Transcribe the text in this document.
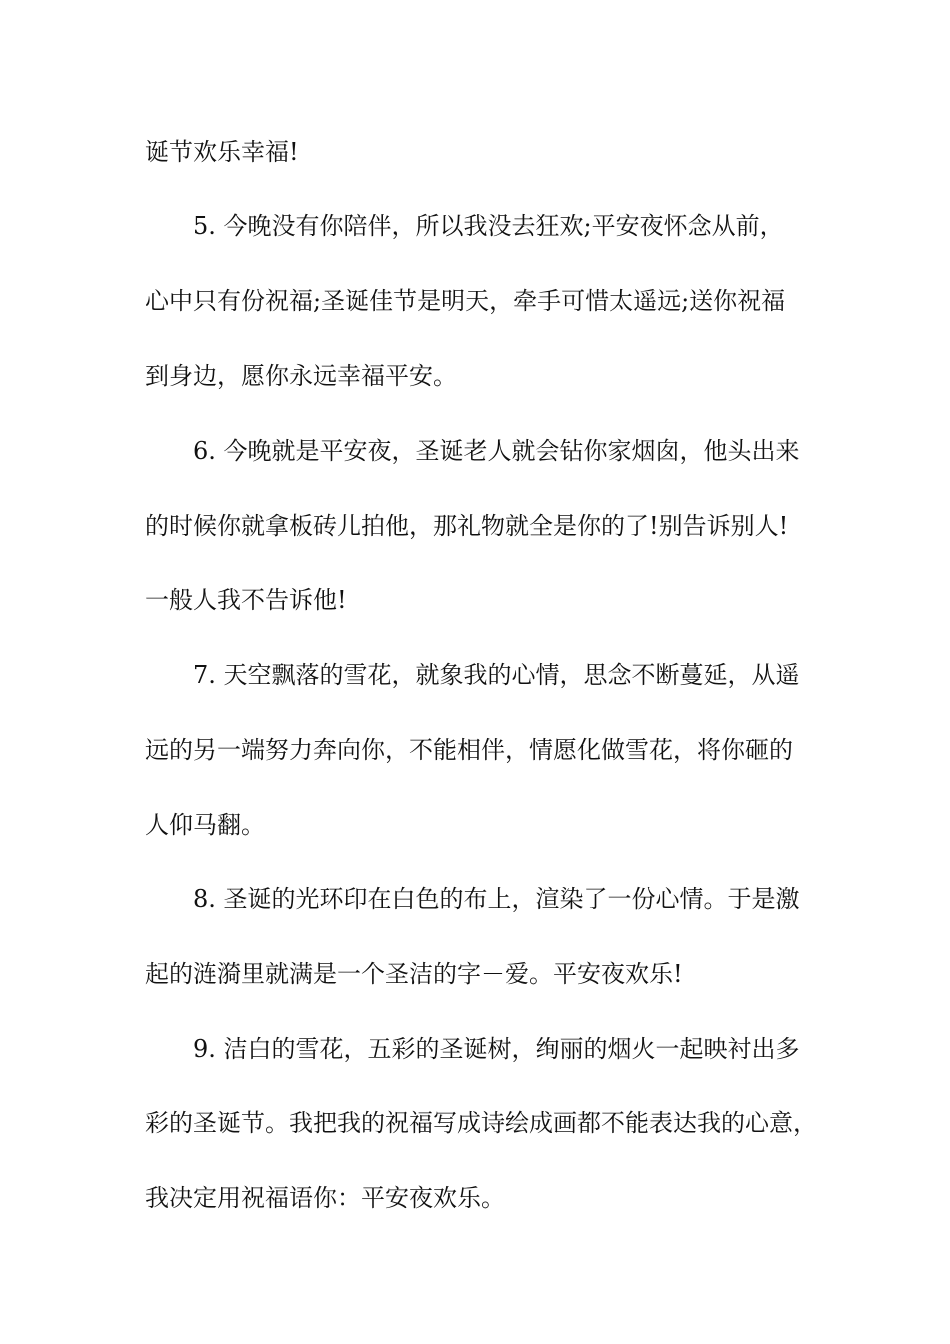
诞节欢乐幸福!
5. 今晚没有你陪伴，所以我没去狂欢;平安夜怀念从前，
心中只有份祝福;圣诞佳节是明天，牵手可惜太遥远;送你祝福
到身边，愿你永远幸福平安。
6. 今晚就是平安夜，圣诞老人就会钻你家烟囱，他头出来
的时候你就拿板砖儿拍他，那礼物就全是你的了!别告诉别人!
一般人我不告诉他!
7. 天空飘落的雪花，就象我的心情，思念不断蔓延，从遥
远的另一端努力奔向你，不能相伴，情愿化做雪花，将你砸的
人仰马翻。
8. 圣诞的光环印在白色的布上，渲染了一份心情。于是激
起的涟漪里就满是一个圣洁的字－爱。平安夜欢乐!
9. 洁白的雪花，五彩的圣诞树，绚丽的烟火一起映衬出多
彩的圣诞节。我把我的祝福写成诗绘成画都不能表达我的心意，
我决定用祝福语你：平安夜欢乐。
